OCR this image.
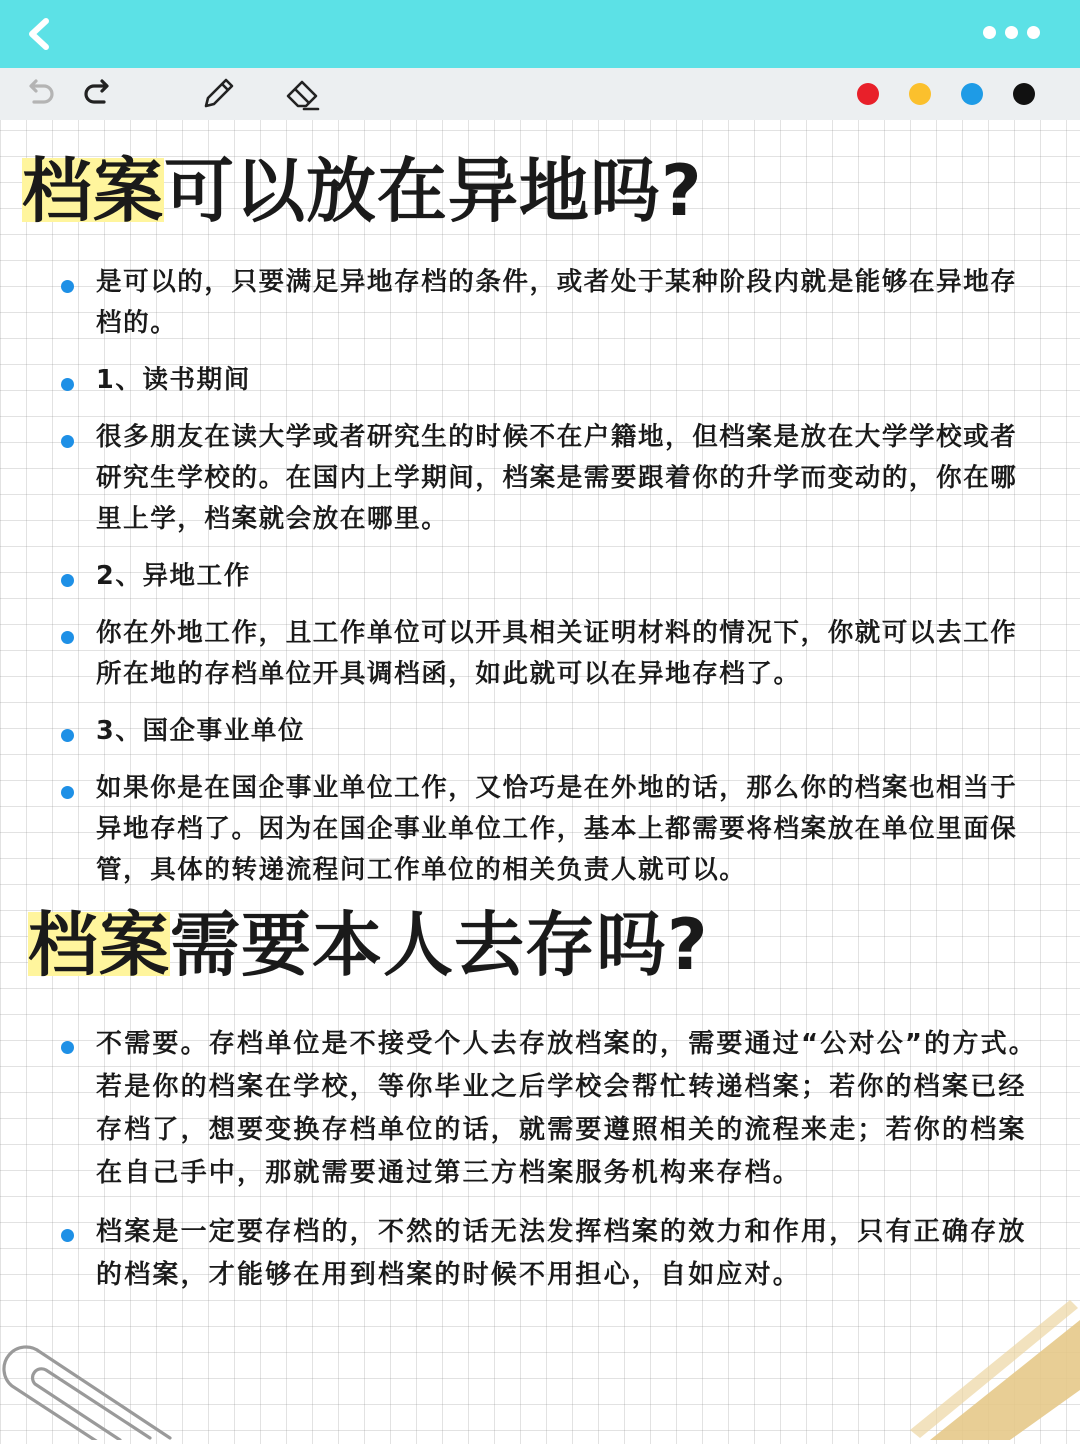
档案可以放在异地吗?
是可以的，只要满足异地存档的条件，或者处于某种阶段内就是能够在异地存档的。
1、读书期间
很多朋友在读大学或者研究生的时候不在户籍地，但档案是放在大学学校或者研究生学校的。在国内上学期间，档案是需要跟着你的升学而变动的，你在哪里上学，档案就会放在哪里。
2、异地工作
你在外地工作，且工作单位可以开具相关证明材料的情况下，你就可以去工作所在地的存档单位开具调档函，如此就可以在异地存档了。
3、国企事业单位
如果你是在国企事业单位工作，又恰巧是在外地的话，那么你的档案也相当于异地存档了。因为在国企事业单位工作，基本上都需要将档案放在单位里面保管，具体的转递流程问工作单位的相关负责人就可以。
档案需要本人去存吗?
不需要。存档单位是不接受个人去存放档案的，需要通过“公对公”的方式。若是你的档案在学校，等你毕业之后学校会帮忙转递档案；若你的档案已经存档了，想要变换存档单位的话，就需要遵照相关的流程来走；若你的档案在自己手中，那就需要通过第三方档案服务机构来存档。
档案是一定要存档的，不然的话无法发挥档案的效力和作用，只有正确存放的档案，才能够在用到档案的时候不用担心，自如应对。
